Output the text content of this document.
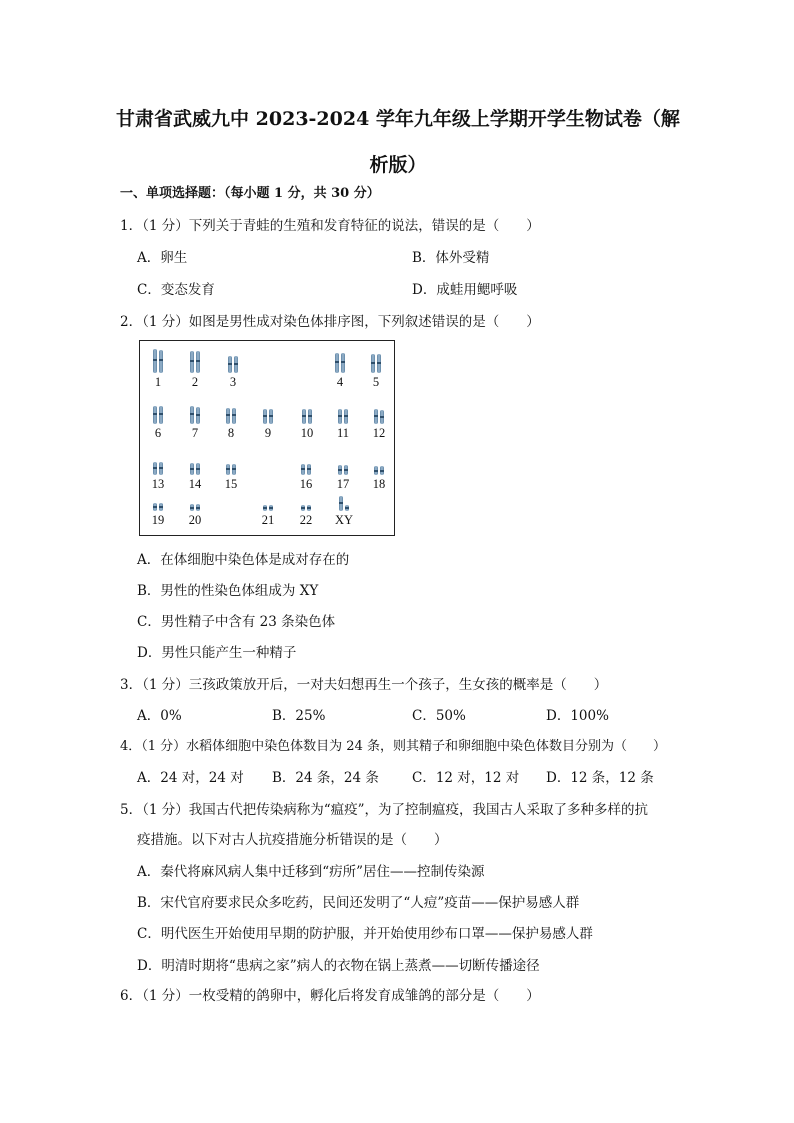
甘肃省武威九中 2023-2024 学年九年级上学期开学生物试卷（解
析版）
一、单项选择题：（每小题 1 分，共 30 分）
1．（1 分）下列关于青蛙的生殖和发育特征的说法，错误的是（　　）
A．卵生	B．体外受精
C．变态发育	D．成蛙用鳃呼吸
2．（1 分）如图是男性成对染色体排序图，下列叙述错误的是（　　）
1	2	3	4	5
6	7	8	9	10	11	12
13	14	15	16	17	18
19	20	21	22	XY
A．在体细胞中染色体是成对存在的
B．男性的性染色体组成为 XY
C．男性精子中含有 23 条染色体
D．男性只能产生一种精子
3．（1 分）三孩政策放开后，一对夫妇想再生一个孩子，生女孩的概率是（　　）
A．0%	B．25%	C．50%	D．100%
4．（1 分）水稻体细胞中染色体数目为 24 条，则其精子和卵细胞中染色体数目分别为（　　）
A．24 对，24 对 B．24 条，24 条 C．12 对，12 对 D．12 条，12 条
5．（1 分）我国古代把传染病称为“瘟疫”，为了控制瘟疫，我国古人采取了多种多样的抗
疫措施。以下对古人抗疫措施分析错误的是（　　）
A．秦代将麻风病人集中迁移到“疠所”居住——控制传染源
B．宋代官府要求民众多吃药，民间还发明了“人痘”疫苗——保护易感人群
C．明代医生开始使用早期的防护服，并开始使用纱布口罩——保护易感人群
D．明清时期将“患病之家”病人的衣物在锅上蒸煮——切断传播途径
6．（1 分）一枚受精的鸽卵中，孵化后将发育成雏鸽的部分是（　　）
